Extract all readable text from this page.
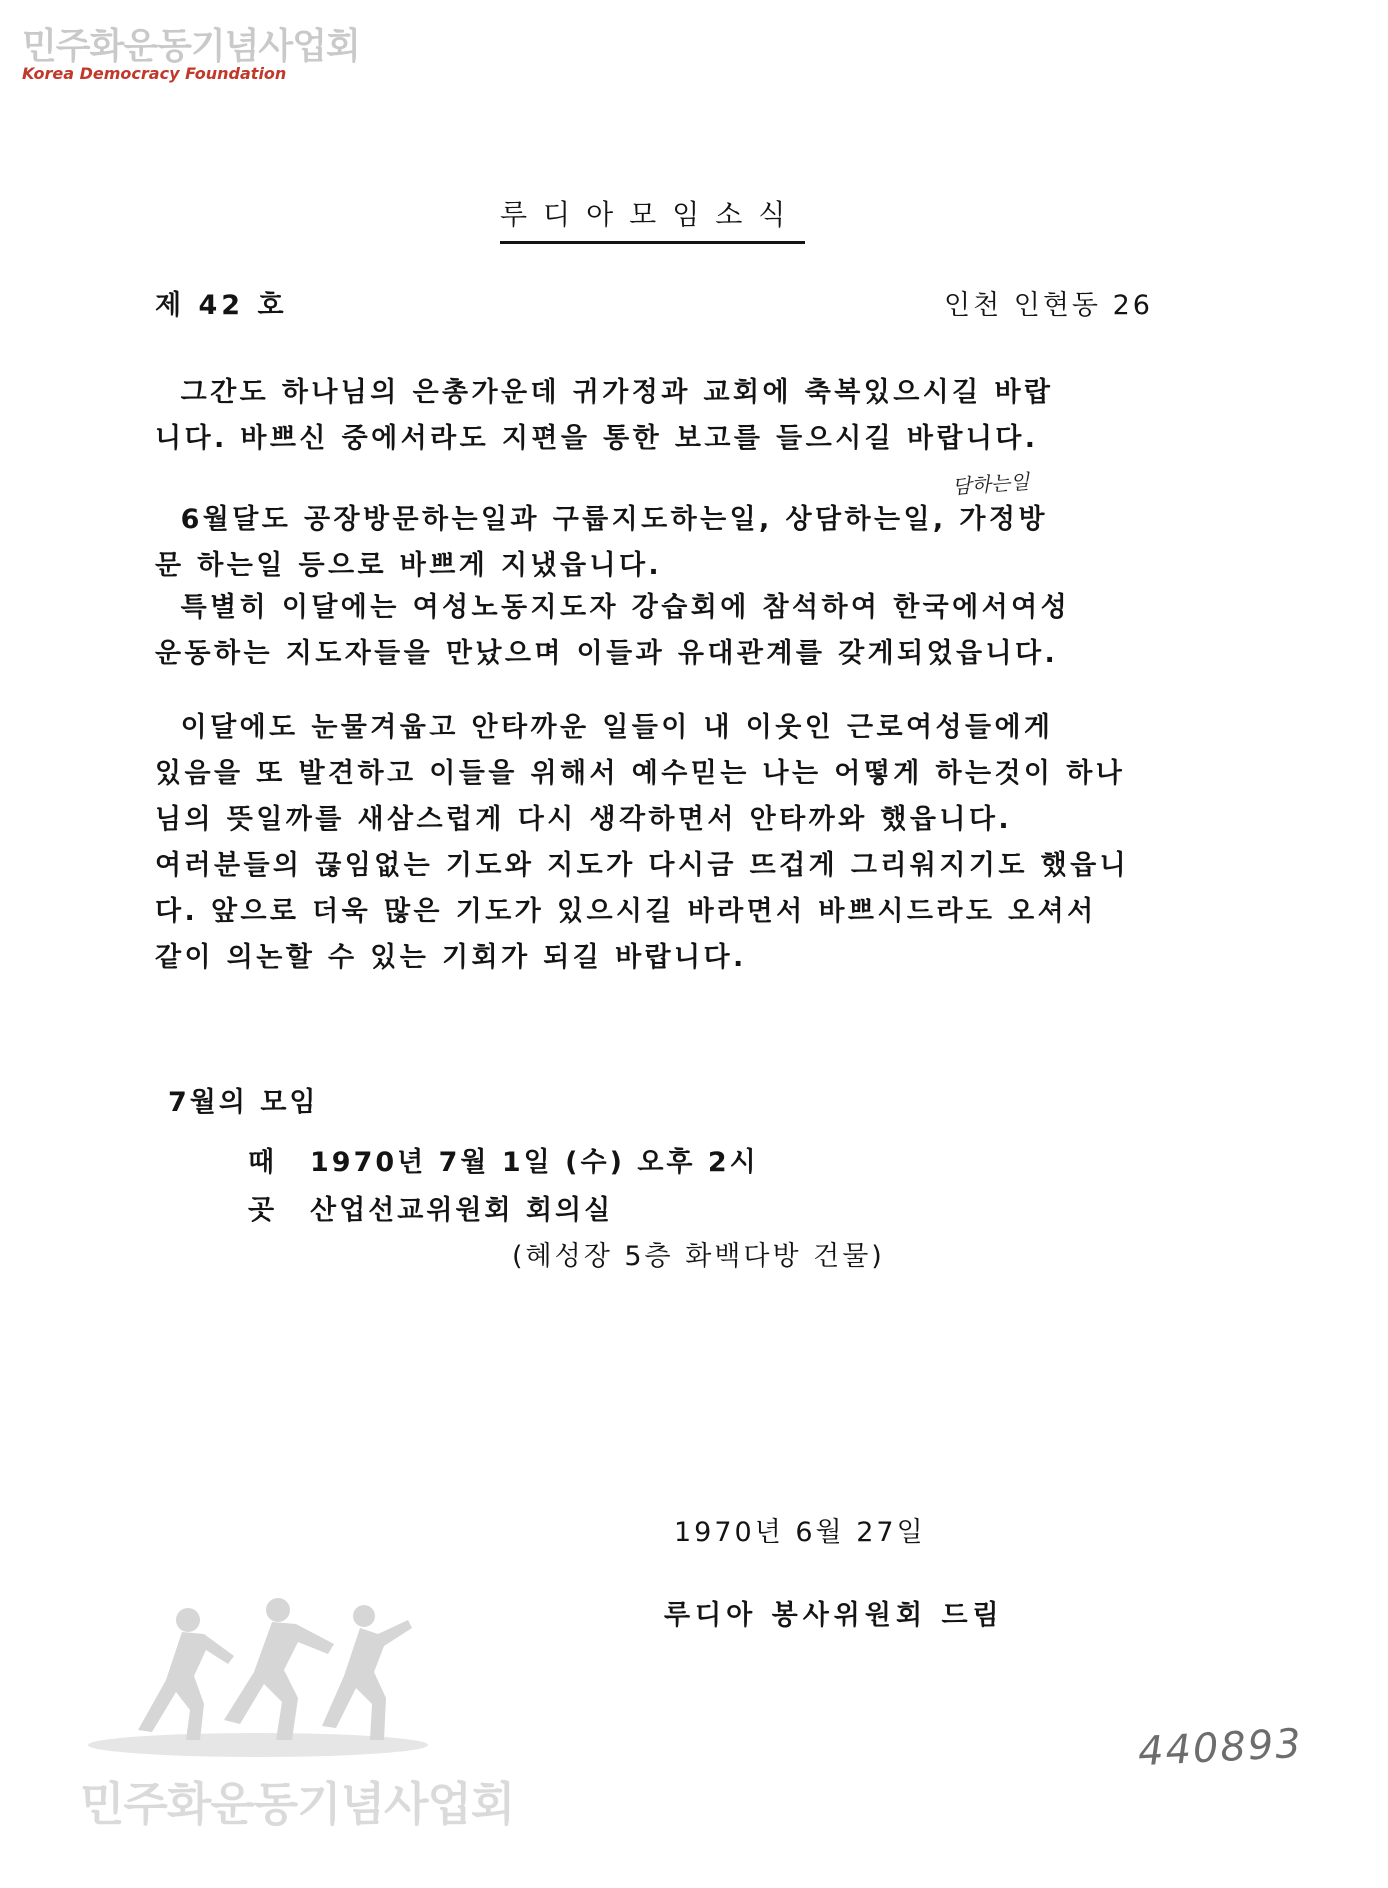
민주화운동기념사업회
Korea Democracy Foundation
루디아모임소식
제 42 호	인천 인현동 26

그간도 하나님의 은총가운데 귀가정과 교회에 축복있으시길 바랍

니다. 바쁘신 중에서라도 지편을 통한 보고를 들으시길 바랍니다.

담하는일

6월달도 공장방문하는일과 구룹지도하는일, 상담하는일, 가정방

문 하는일 등으로 바쁘게 지냈읍니다.

특별히 이달에는 여성노동지도자 강습회에 참석하여 한국에서여성

운동하는 지도자들을 만났으며 이들과 유대관계를 갖게되었읍니다.

이달에도 눈물겨웁고 안타까운 일들이 내 이웃인 근로여성들에게

있음을 또 발견하고 이들을 위해서 예수믿는 나는 어떻게 하는것이 하나

님의 뜻일까를 새삼스럽게 다시 생각하면서 안타까와 했읍니다.

여러분들의 끊임없는 기도와 지도가 다시금 뜨겁게 그리워지기도 했읍니

다. 앞으로 더욱 많은 기도가 있으시길 바라면서 바쁘시드라도 오셔서

같이 의논할 수 있는 기회가 되길 바랍니다.

7월의 모임
때 1970년 7월 1일 (수) 오후 2시
곳 산업선교위원회 회의실
(혜성장 5층 화백다방 건물)
1970년 6월 27일
루디아 봉사위원회 드림
440893
민주화운동기념사업회
